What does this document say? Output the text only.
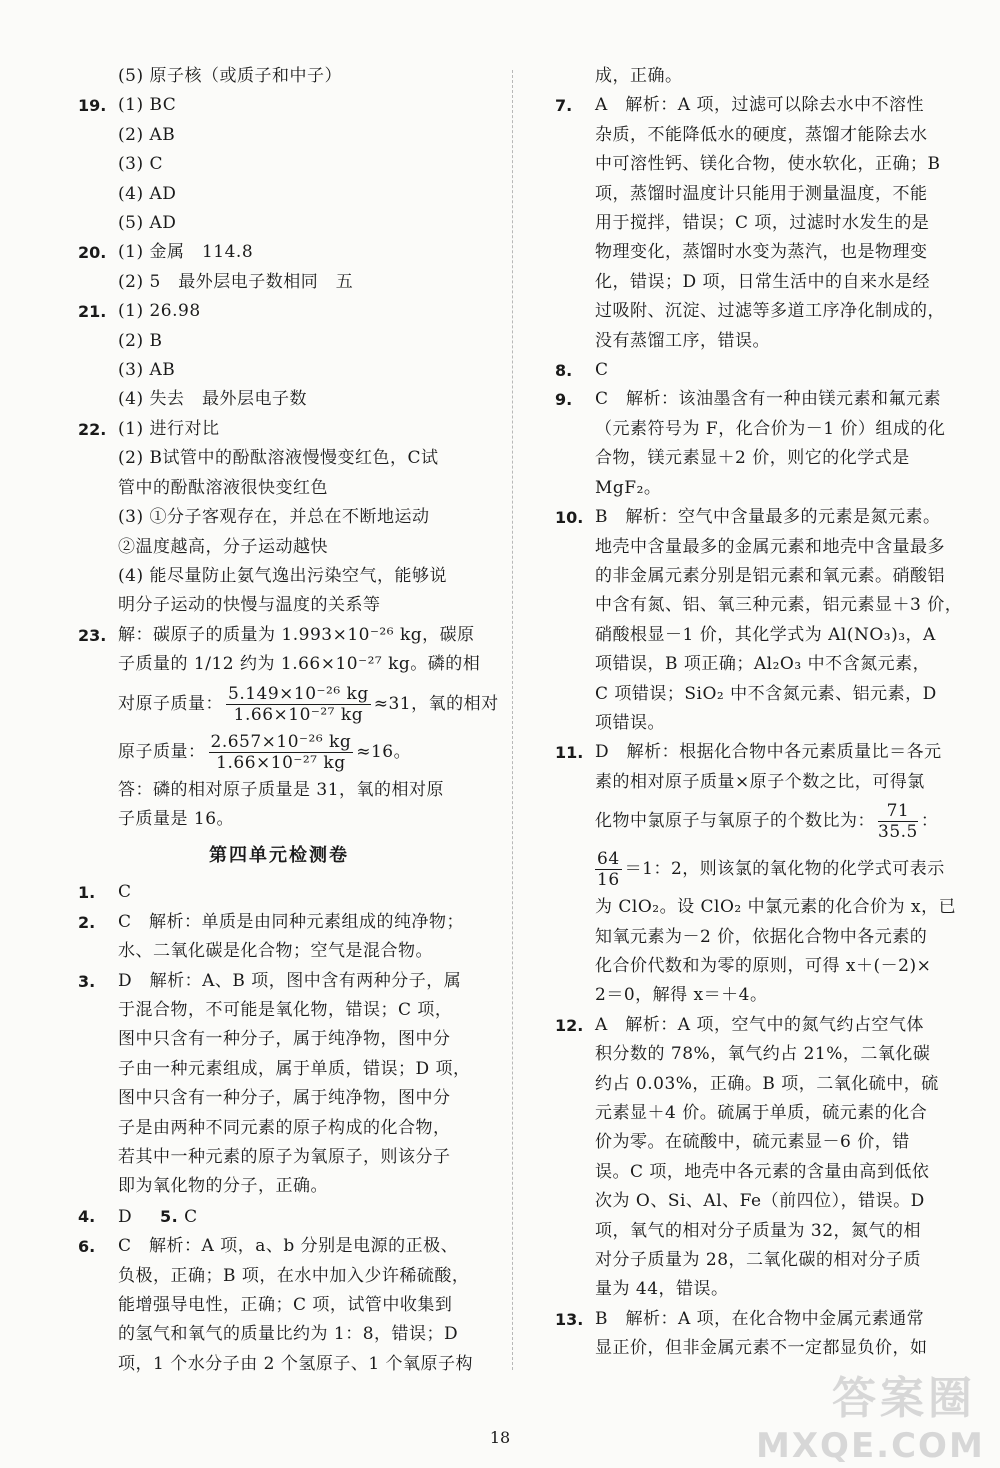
(5) 原子核（或质子和中子）
19. (1) BC
(2) AB
(3) C
(4) AD
(5) AD
20. (1) 金属　114.8
(2) 5　最外层电子数相同　五
21. (1) 26.98
(2) B
(3) AB
(4) 失去　最外层电子数
22. (1) 进行对比
(2) B试管中的酚酞溶液慢慢变红色，C试
管中的酚酞溶液很快变红色
(3) ①分子客观存在，并总在不断地运动
②温度越高，分子运动越快
(4) 能尽量防止氨气逸出污染空气，能够说
明分子运动的快慢与温度的关系等
23. 解：碳原子的质量为 1.993×10⁻²⁶ kg，碳原
子质量的 1/12 约为 1.66×10⁻²⁷ kg。磷的相
对原子质量： $\frac{\text{5.149×10⁻²⁶ kg}}{\text{1.66×10⁻²⁷ kg}} \approx 31$，氧的相对
原子质量： $\frac{\text{2.657×10⁻²⁶ kg}}{\text{1.66×10⁻²⁷ kg}} \approx 16$。
答：磷的相对原子质量是 31，氧的相对原
子质量是 16。
第四单元检测卷
1.	C
2.	C　解析：单质是由同种元素组成的纯净物；
水、二氧化碳是化合物；空气是混合物。
3.	D　解析：A、B 项，图中含有两种分子，属
于混合物，不可能是氧化物，错误；C 项，
图中只含有一种分子，属于纯净物，图中分
子由一种元素组成，属于单质，错误；D 项，
图中只含有一种分子，属于纯净物，图中分
子是由两种不同元素的原子构成的化合物，
若其中一种元素的原子为氧原子，则该分子
即为氧化物的分子，正确。
4.	D 5. C
6.	C　解析：A 项，a、b 分别是电源的正极、
负极，正确；B 项，在水中加入少许稀硫酸，
能增强导电性，正确；C 项，试管中收集到
的氢气和氧气的质量比约为 1：8，错误；D
项，1 个水分子由 2 个氢原子、1 个氧原子构
成，正确。
7.	A　解析：A 项，过滤可以除去水中不溶性
杂质，不能降低水的硬度，蒸馏才能除去水
中可溶性钙、镁化合物，使水软化，正确；B
项，蒸馏时温度计只能用于测量温度，不能
用于搅拌，错误；C 项，过滤时水发生的是
物理变化，蒸馏时水变为蒸汽，也是物理变
化，错误；D 项，日常生活中的自来水是经
过吸附、沉淀、过滤等多道工序净化制成的，
没有蒸馏工序，错误。
8.	C
9.	C　解析：该油墨含有一种由镁元素和氟元素
（元素符号为 F，化合价为－1 价）组成的化
合物，镁元素显＋2 价，则它的化学式是
MgF₂。
10. B　解析：空气中含量最多的元素是氮元素。
地壳中含量最多的金属元素和地壳中含量最多
的非金属元素分别是铝元素和氧元素。硝酸铝
中含有氮、铝、氧三种元素，铝元素显＋3 价，
硝酸根显－1 价，其化学式为 Al(NO₃)₃，A
项错误，B 项正确；Al₂O₃ 中不含氮元素，
C 项错误；SiO₂ 中不含氮元素、铝元素，D
项错误。
11. D　解析：根据化合物中各元素质量比＝各元
素的相对原子质量×原子个数之比，可得氯
化物中氯原子与氧原子的个数比为： $\frac{71}{35.5}$ ：
$\frac{64}{16} =1$：2，则该氯的氧化物的化学式可表示
为 ClO₂。设 ClO₂ 中氯元素的化合价为 x，已
知氧元素为－2 价，依据化合物中各元素的
化合价代数和为零的原则，可得 x＋(－2)×
2＝0，解得 x＝＋4。
12. A　解析：A 项，空气中的氮气约占空气体
积分数的 78%，氧气约占 21%，二氧化碳
约占 0.03%，正确。B 项，二氧化硫中，硫
元素显＋4 价。硫属于单质，硫元素的化合
价为零。在硫酸中，硫元素显－6 价，错
误。C 项，地壳中各元素的含量由高到低依
次为 O、Si、Al、Fe（前四位），错误。D
项，氧气的相对分子质量为 32，氮气的相
对分子质量为 28，二氧化碳的相对分子质
量为 44，错误。
13. B　解析：A 项，在化合物中金属元素通常
显正价，但非金属元素不一定都显负价，如
18
答案圈
MXQE.COM
